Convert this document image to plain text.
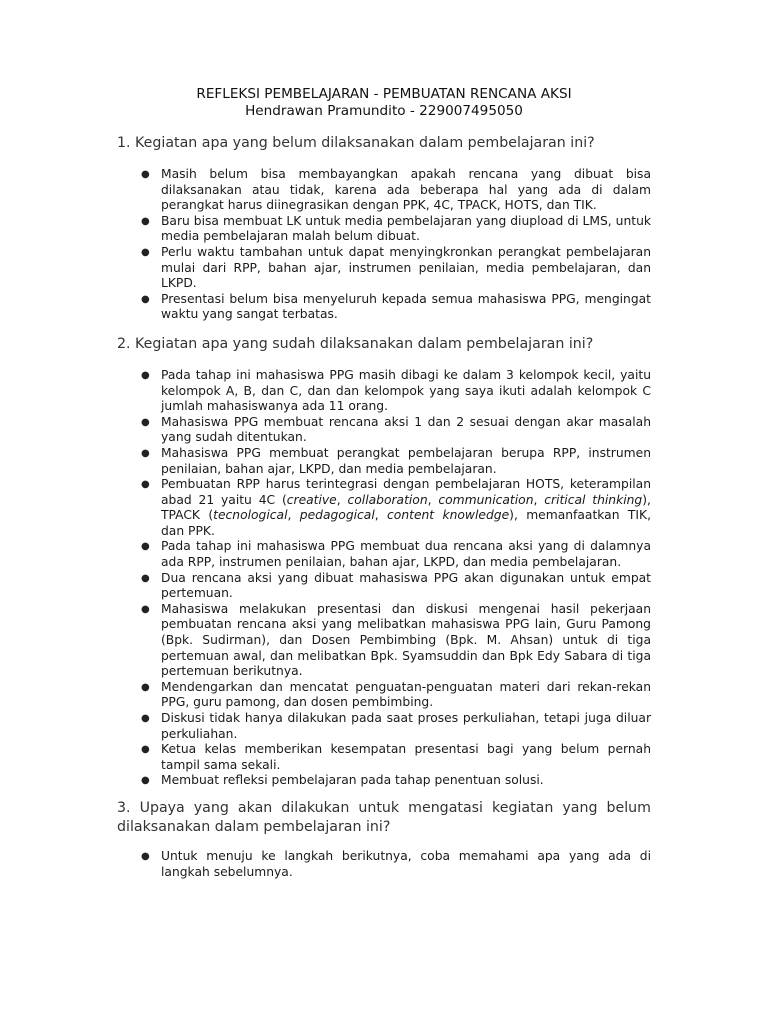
REFLEKSI PEMBELAJARAN - PEMBUATAN RENCANA AKSI
Hendrawan Pramundito - 229007495050
1. Kegiatan apa yang belum dilaksanakan dalam pembelajaran ini?
● Masih belum bisa membayangkan apakah rencana yang dibuat bisa dilaksanakan atau tidak, karena ada beberapa hal yang ada di dalam perangkat harus diinegrasikan dengan PPK, 4C, TPACK, HOTS, dan TIK.
● Baru bisa membuat LK untuk media pembelajaran yang diupload di LMS, untuk media pembelajaran malah belum dibuat.
● Perlu waktu tambahan untuk dapat menyingkronkan perangkat pembelajaran mulai dari RPP, bahan ajar, instrumen penilaian, media pembelajaran, dan LKPD.
● Presentasi belum bisa menyeluruh kepada semua mahasiswa PPG, mengingat waktu yang sangat terbatas.
2. Kegiatan apa yang sudah dilaksanakan dalam pembelajaran ini?
● Pada tahap ini mahasiswa PPG masih dibagi ke dalam 3 kelompok kecil, yaitu kelompok A, B, dan C, dan dan kelompok yang saya ikuti adalah kelompok C jumlah mahasiswanya ada 11 orang.
● Mahasiswa PPG membuat rencana aksi 1 dan 2 sesuai dengan akar masalah yang sudah ditentukan.
● Mahasiswa PPG membuat perangkat pembelajaran berupa RPP, instrumen penilaian, bahan ajar, LKPD, dan media pembelajaran.
● Pembuatan RPP harus terintegrasi dengan pembelajaran HOTS, keterampilan abad 21 yaitu 4C (creative, collaboration, communication, critical thinking), TPACK (tecnological, pedagogical, content knowledge), memanfaatkan TIK, dan PPK.
● Pada tahap ini mahasiswa PPG membuat dua rencana aksi yang di dalamnya ada RPP, instrumen penilaian, bahan ajar, LKPD, dan media pembelajaran.
● Dua rencana aksi yang dibuat mahasiswa PPG akan digunakan untuk empat pertemuan.
● Mahasiswa melakukan presentasi dan diskusi mengenai hasil pekerjaan pembuatan rencana aksi yang melibatkan mahasiswa PPG lain, Guru Pamong (Bpk. Sudirman), dan Dosen Pembimbing (Bpk. M. Ahsan) untuk di tiga pertemuan awal, dan melibatkan Bpk. Syamsuddin dan Bpk Edy Sabara di tiga pertemuan berikutnya.
● Mendengarkan dan mencatat penguatan-penguatan materi dari rekan-rekan PPG, guru pamong, dan dosen pembimbing.
● Diskusi tidak hanya dilakukan pada saat proses perkuliahan, tetapi juga diluar perkuliahan.
● Ketua kelas memberikan kesempatan presentasi bagi yang belum pernah tampil sama sekali.
● Membuat refleksi pembelajaran pada tahap penentuan solusi.
3. Upaya yang akan dilakukan untuk mengatasi kegiatan yang belum dilaksanakan dalam pembelajaran ini?
● Untuk menuju ke langkah berikutnya, coba memahami apa yang ada di langkah sebelumnya.
